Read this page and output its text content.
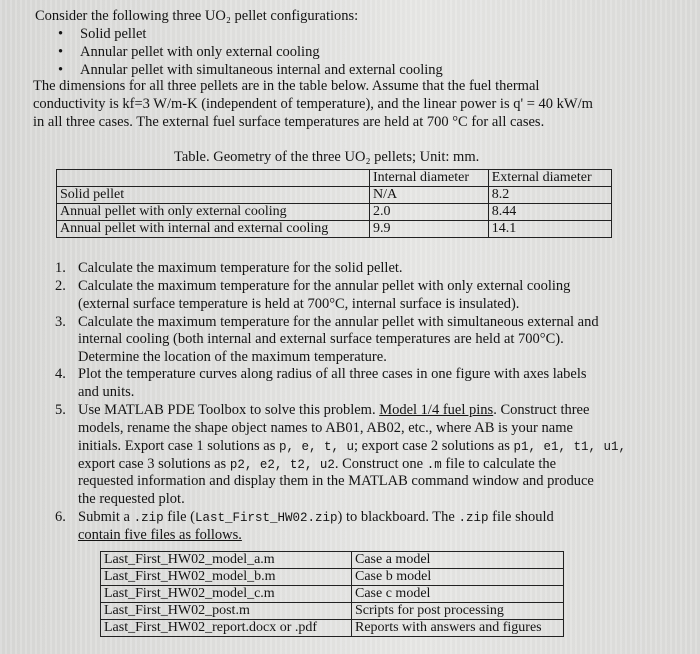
Consider the following three UO₂ pellet configurations:
• Solid pellet
• Annular pellet with only external cooling
• Annular pellet with simultaneous internal and external cooling
The dimensions for all three pellets are in the table below. Assume that the fuel thermal
conductivity is kf=3 W/m-K (independent of temperature), and the linear power is q' = 40 kW/m
in all three cases. The external fuel surface temperatures are held at 700 °C for all cases.
Table. Geometry of the three UO₂ pellets; Unit: mm.
	Internal diameter	External diameter
Solid pellet	N/A	8.2
Annual pellet with only external cooling	2.0	8.44
Annual pellet with internal and external cooling	9.9	14.1
1. Calculate the maximum temperature for the solid pellet.
2. Calculate the maximum temperature for the annular pellet with only external cooling
(external surface temperature is held at 700°C, internal surface is insulated).
3. Calculate the maximum temperature for the annular pellet with simultaneous external and
internal cooling (both internal and external surface temperatures are held at 700°C).
Determine the location of the maximum temperature.
4. Plot the temperature curves along radius of all three cases in one figure with axes labels
and units.
5. Use MATLAB PDE Toolbox to solve this problem. Model 1/4 fuel pins. Construct three
models, rename the shape object names to AB01, AB02, etc., where AB is your name
initials. Export case 1 solutions as p, e, t, u; export case 2 solutions as p1, e1, t1, u1,
export case 3 solutions as p2, e2, t2, u2. Construct one .m file to calculate the
requested information and display them in the MATLAB command window and produce
the requested plot.
6. Submit a .zip file (Last_First_HW02.zip) to blackboard. The .zip file should
contain five files as follows.
Last_First_HW02_model_a.m	Case a model
Last_First_HW02_model_b.m	Case b model
Last_First_HW02_model_c.m	Case c model
Last_First_HW02_post.m	Scripts for post processing
Last_First_HW02_report.docx or .pdf	Reports with answers and figures
